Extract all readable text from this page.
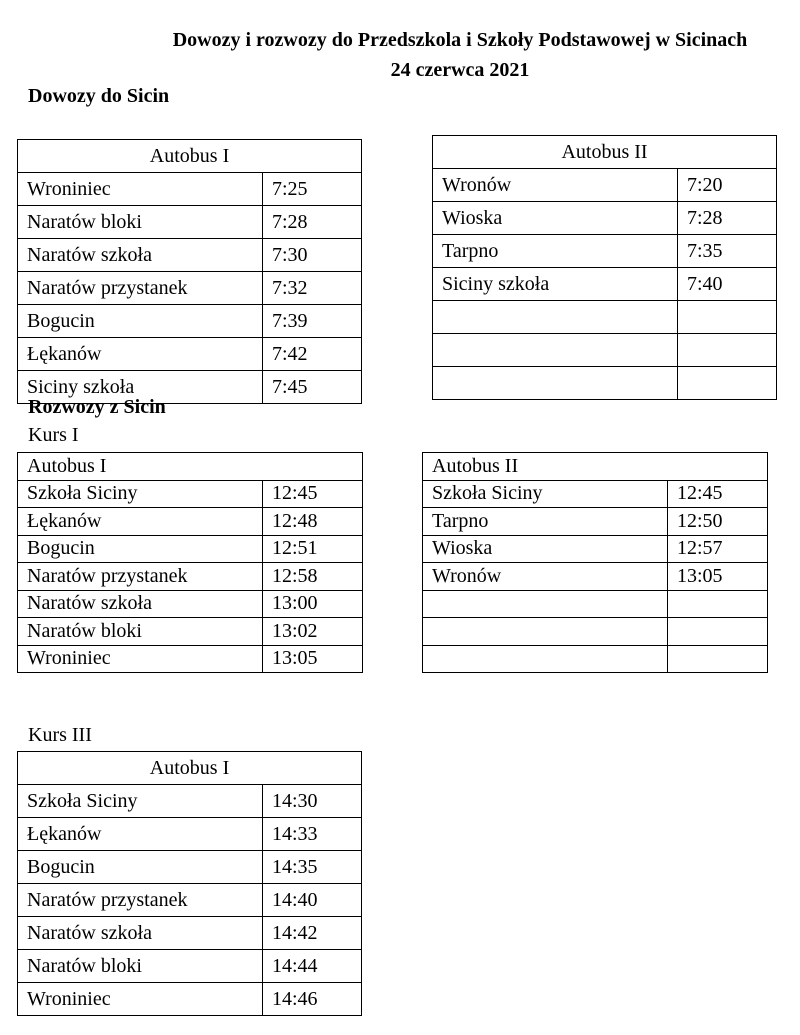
Dowozy i rozwozy do Przedszkola i Szkoły Podstawowej w Sicinach
24 czerwca 2021
Dowozy do Sicin
Autobus I	
Wroniniec	7:25
Naratów bloki	7:28
Naratów szkoła	7:30
Naratów przystanek	7:32
Bogucin	7:39
Łękanów	7:42
Siciny szkoła	7:45
Autobus II	
Wronów	7:20
Wioska	7:28
Tarpno	7:35
Siciny szkoła	7:40

Rozwozy z Sicin
Kurs I
Autobus I	
Szkoła Siciny	12:45
Łękanów	12:48
Bogucin	12:51
Naratów przystanek	12:58
Naratów szkoła	13:00
Naratów bloki	13:02
Wroniniec	13:05
Autobus II	
Szkoła Siciny	12:45
Tarpno	12:50
Wioska	12:57
Wronów	13:05

Kurs III
Autobus I	
Szkoła Siciny	14:30
Łękanów	14:33
Bogucin	14:35
Naratów przystanek	14:40
Naratów szkoła	14:42
Naratów bloki	14:44
Wroniniec	14:46
